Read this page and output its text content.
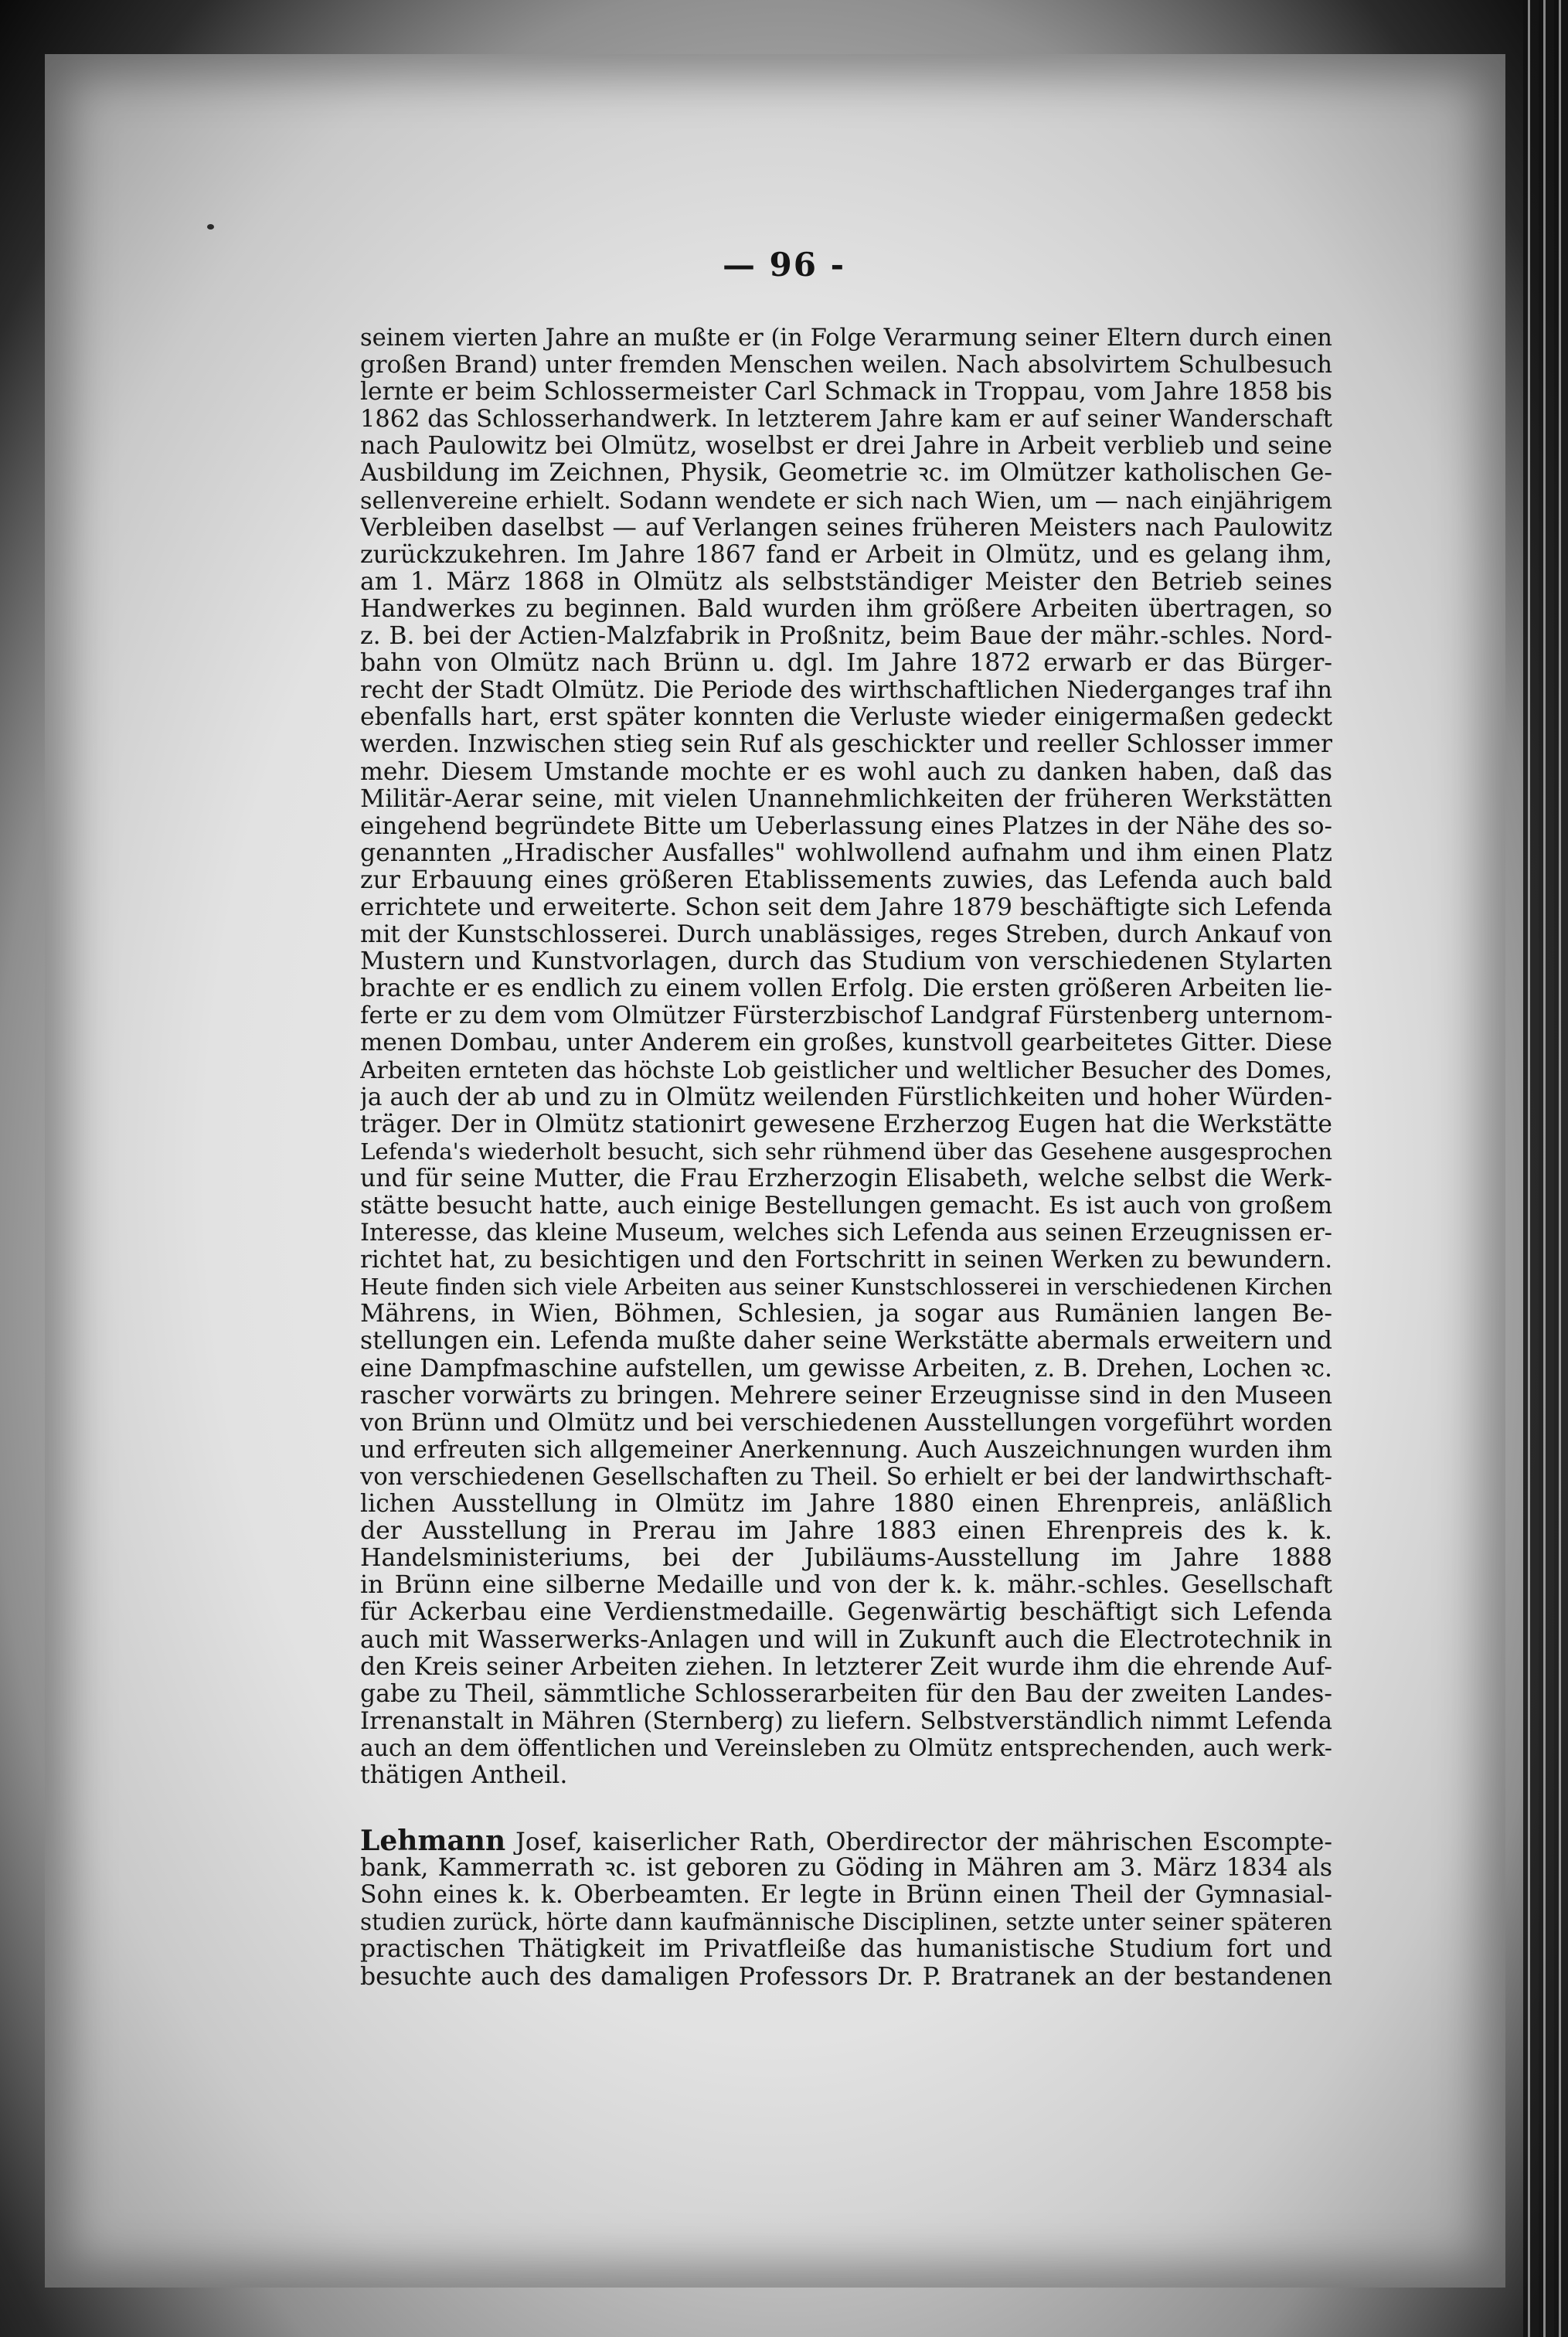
— 96 -
seinem vierten Jahre an mußte er (in Folge Verarmung seiner Eltern durch einen
großen Brand) unter fremden Menschen weilen. Nach absolvirtem Schulbesuch
lernte er beim Schlossermeister Carl Schmack in Troppau, vom Jahre 1858 bis
1862 das Schlosserhandwerk. In letzterem Jahre kam er auf seiner Wanderschaft
nach Paulowitz bei Olmütz, woselbst er drei Jahre in Arbeit verblieb und seine
Ausbildung im Zeichnen, Physik, Geometrie ꝛc. im Olmützer katholischen Ge-
sellenvereine erhielt. Sodann wendete er sich nach Wien, um — nach einjährigem
Verbleiben daselbst — auf Verlangen seines früheren Meisters nach Paulowitz
zurückzukehren. Im Jahre 1867 fand er Arbeit in Olmütz, und es gelang ihm,
am 1. März 1868 in Olmütz als selbstständiger Meister den Betrieb seines
Handwerkes zu beginnen. Bald wurden ihm größere Arbeiten übertragen, so
z. B. bei der Actien-Malzfabrik in Proßnitz, beim Baue der mähr.-schles. Nord-
bahn von Olmütz nach Brünn u. dgl. Im Jahre 1872 erwarb er das Bürger-
recht der Stadt Olmütz. Die Periode des wirthschaftlichen Niederganges traf ihn
ebenfalls hart, erst später konnten die Verluste wieder einigermaßen gedeckt
werden. Inzwischen stieg sein Ruf als geschickter und reeller Schlosser immer
mehr. Diesem Umstande mochte er es wohl auch zu danken haben, daß das
Militär-Aerar seine, mit vielen Unannehmlichkeiten der früheren Werkstätten
eingehend begründete Bitte um Ueberlassung eines Platzes in der Nähe des so-
genannten „Hradischer Ausfalles" wohlwollend aufnahm und ihm einen Platz
zur Erbauung eines größeren Etablissements zuwies, das Lefenda auch bald
errichtete und erweiterte. Schon seit dem Jahre 1879 beschäftigte sich Lefenda
mit der Kunstschlosserei. Durch unablässiges, reges Streben, durch Ankauf von
Mustern und Kunstvorlagen, durch das Studium von verschiedenen Stylarten
brachte er es endlich zu einem vollen Erfolg. Die ersten größeren Arbeiten lie-
ferte er zu dem vom Olmützer Fürsterzbischof Landgraf Fürstenberg unternom-
menen Dombau, unter Anderem ein großes, kunstvoll gearbeitetes Gitter. Diese
Arbeiten ernteten das höchste Lob geistlicher und weltlicher Besucher des Domes,
ja auch der ab und zu in Olmütz weilenden Fürstlichkeiten und hoher Würden-
träger. Der in Olmütz stationirt gewesene Erzherzog Eugen hat die Werkstätte
Lefenda's wiederholt besucht, sich sehr rühmend über das Gesehene ausgesprochen
und für seine Mutter, die Frau Erzherzogin Elisabeth, welche selbst die Werk-
stätte besucht hatte, auch einige Bestellungen gemacht. Es ist auch von großem
Interesse, das kleine Museum, welches sich Lefenda aus seinen Erzeugnissen er-
richtet hat, zu besichtigen und den Fortschritt in seinen Werken zu bewundern.
Heute finden sich viele Arbeiten aus seiner Kunstschlosserei in verschiedenen Kirchen
Mährens, in Wien, Böhmen, Schlesien, ja sogar aus Rumänien langen Be-
stellungen ein. Lefenda mußte daher seine Werkstätte abermals erweitern und
eine Dampfmaschine aufstellen, um gewisse Arbeiten, z. B. Drehen, Lochen ꝛc.
rascher vorwärts zu bringen. Mehrere seiner Erzeugnisse sind in den Museen
von Brünn und Olmütz und bei verschiedenen Ausstellungen vorgeführt worden
und erfreuten sich allgemeiner Anerkennung. Auch Auszeichnungen wurden ihm
von verschiedenen Gesellschaften zu Theil. So erhielt er bei der landwirthschaft-
lichen Ausstellung in Olmütz im Jahre 1880 einen Ehrenpreis, anläßlich
der Ausstellung in Prerau im Jahre 1883 einen Ehrenpreis des k. k.
Handelsministeriums, bei der Jubiläums-Ausstellung im Jahre 1888
in Brünn eine silberne Medaille und von der k. k. mähr.-schles. Gesellschaft
für Ackerbau eine Verdienstmedaille. Gegenwärtig beschäftigt sich Lefenda
auch mit Wasserwerks-Anlagen und will in Zukunft auch die Electrotechnik in
den Kreis seiner Arbeiten ziehen. In letzterer Zeit wurde ihm die ehrende Auf-
gabe zu Theil, sämmtliche Schlosserarbeiten für den Bau der zweiten Landes-
Irrenanstalt in Mähren (Sternberg) zu liefern. Selbstverständlich nimmt Lefenda
auch an dem öffentlichen und Vereinsleben zu Olmütz entsprechenden, auch werk-
thätigen Antheil.
Lehmann Josef, kaiserlicher Rath, Oberdirector der mährischen Escompte-
bank, Kammerrath ꝛc. ist geboren zu Göding in Mähren am 3. März 1834 als
Sohn eines k. k. Oberbeamten. Er legte in Brünn einen Theil der Gymnasial-
studien zurück, hörte dann kaufmännische Disciplinen, setzte unter seiner späteren
practischen Thätigkeit im Privatfleiße das humanistische Studium fort und
besuchte auch des damaligen Professors Dr. P. Bratranek an der bestandenen
